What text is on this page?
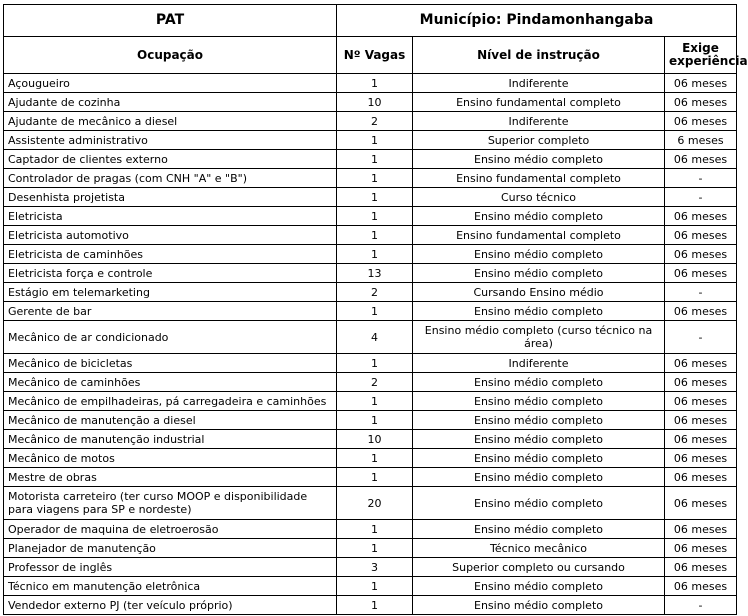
PAT	Município: Pindamonhangaba		
Ocupação	Nº Vagas	Nível de instrução	Exige experiência
Açougueiro	1	Indiferente	06 meses
Ajudante de cozinha	10	Ensino fundamental completo	06 meses
Ajudante de mecânico a diesel	2	Indiferente	06 meses
Assistente administrativo	1	Superior completo	6 meses
Captador de clientes externo	1	Ensino médio completo	06 meses
Controlador de pragas (com CNH "A" e "B")	1	Ensino fundamental completo	-
Desenhista projetista	1	Curso técnico	-
Eletricista	1	Ensino médio completo	06 meses
Eletricista automotivo	1	Ensino fundamental completo	06 meses
Eletricista de caminhões	1	Ensino médio completo	06 meses
Eletricista força e controle	13	Ensino médio completo	06 meses
Estágio em telemarketing	2	Cursando Ensino médio	-
Gerente de bar	1	Ensino médio completo	06 meses
Mecânico de ar condicionado	4	Ensino médio completo (curso técnico na área)	-
Mecânico de bicicletas	1	Indiferente	06 meses
Mecânico de caminhões	2	Ensino médio completo	06 meses
Mecânico de empilhadeiras, pá carregadeira e caminhões	1	Ensino médio completo	06 meses
Mecânico de manutenção a diesel	1	Ensino médio completo	06 meses
Mecânico de manutenção industrial	10	Ensino médio completo	06 meses
Mecânico de motos	1	Ensino médio completo	06 meses
Mestre de obras	1	Ensino médio completo	06 meses
Motorista carreteiro (ter curso MOOP e disponibilidade para viagens para SP e nordeste)	20	Ensino médio completo	06 meses
Operador de maquina de eletroerosão	1	Ensino médio completo	06 meses
Planejador de manutenção	1	Técnico mecânico	06 meses
Professor de inglês	3	Superior completo ou cursando	06 meses
Técnico em manutenção eletrônica	1	Ensino médio completo	06 meses
Vendedor externo PJ (ter veículo próprio)	1	Ensino médio completo	-
